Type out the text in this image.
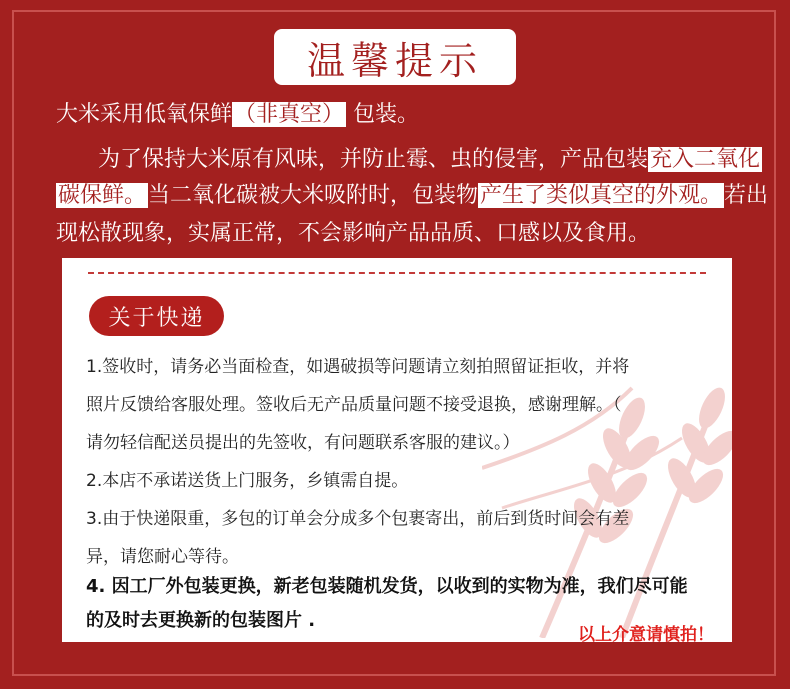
温馨提示
大米采用低氧保鲜（非真空） 包装。
为了保持大米原有风味，并防止霉、虫的侵害，产品包装充入二氧化
碳保鲜。当二氧化碳被大米吸附时，包装物产生了类似真空的外观。若出
现松散现象，实属正常，不会影响产品品质、口感以及食用。
关于快递
1.签收时，请务必当面检查，如遇破损等问题请立刻拍照留证拒收，并将
照片反馈给客服处理。签收后无产品质量问题不接受退换，感谢理解。（
请勿轻信配送员提出的先签收，有问题联系客服的建议。）
2.本店不承诺送货上门服务，乡镇需自提。
3.由于快递限重，多包的订单会分成多个包裹寄出，前后到货时间会有差
异，请您耐心等待。
4. 因工厂外包装更换，新老包装随机发货，以收到的实物为准，我们尽可能
的及时去更换新的包装图片 .
以上介意请慎拍！
